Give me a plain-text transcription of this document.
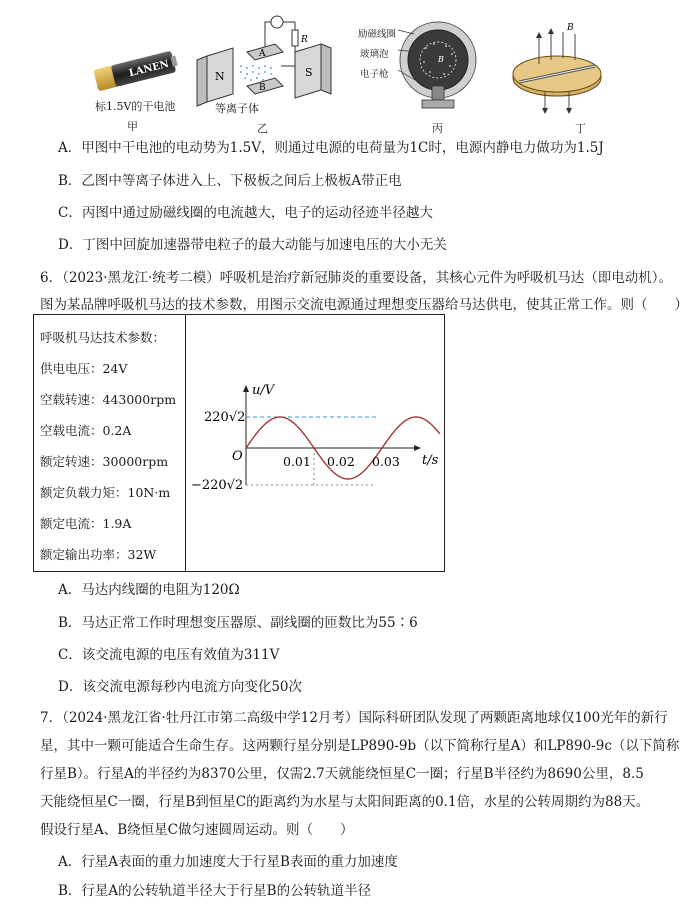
LANEN
标1.5V的干电池
甲
R
N
A
B
S
等离子体
乙
B
励磁线圈
玻璃泡
电子枪
丙
B
丁
A．甲图中干电池的电动势为1.5V，则通过电源的电荷量为1C时，电源内静电力做功为1.5J
B．乙图中等离子体进入上、下极板之间后上极板A带正电
C．丙图中通过励磁线圈的电流越大，电子的运动径迹半径越大
D．丁图中回旋加速器带电粒子的最大动能与加速电压的大小无关
6．（2023·黑龙江·统考二模）呼吸机是治疗新冠肺炎的重要设备，其核心元件为呼吸机马达（即电动机）。
图为某品牌呼吸机马达的技术参数，用图示交流电源通过理想变压器给马达供电，使其正常工作。则（　　）
呼吸机马达技术参数：
供电电压：24V
空载转速：443000rpm
空载电流：0.2A
额定转速：30000rpm
额定负载力矩：10N·m
额定电流：1.9A
额定输出功率：32W
u/V
t/s
O
220√2
−220√2
0.01 0.02 0.03
A．马达内线圈的电阻为120Ω
B．马达正常工作时理想变压器原、副线圈的匝数比为55∶6
C．该交流电源的电压有效值为311V
D．该交流电源每秒内电流方向变化50次
7．（2024·黑龙江省·牡丹江市第二高级中学12月考）国际科研团队发现了两颗距离地球仅100光年的新行
星，其中一颗可能适合生命生存。这两颗行星分别是LP890-9b（以下简称行星A）和LP890-9c（以下简称
行星B）。行星A的半径约为8370公里，仅需2.7天就能绕恒星C一圈；行星B半径约为8690公里，8.5
天能绕恒星C一圈，行星B到恒星C的距离约为水星与太阳间距离的0.1倍，水星的公转周期约为88天。
假设行星A、B绕恒星C做匀速圆周运动。则（　　）
A．行星A表面的重力加速度大于行星B表面的重力加速度
B．行星A的公转轨道半径大于行星B的公转轨道半径
